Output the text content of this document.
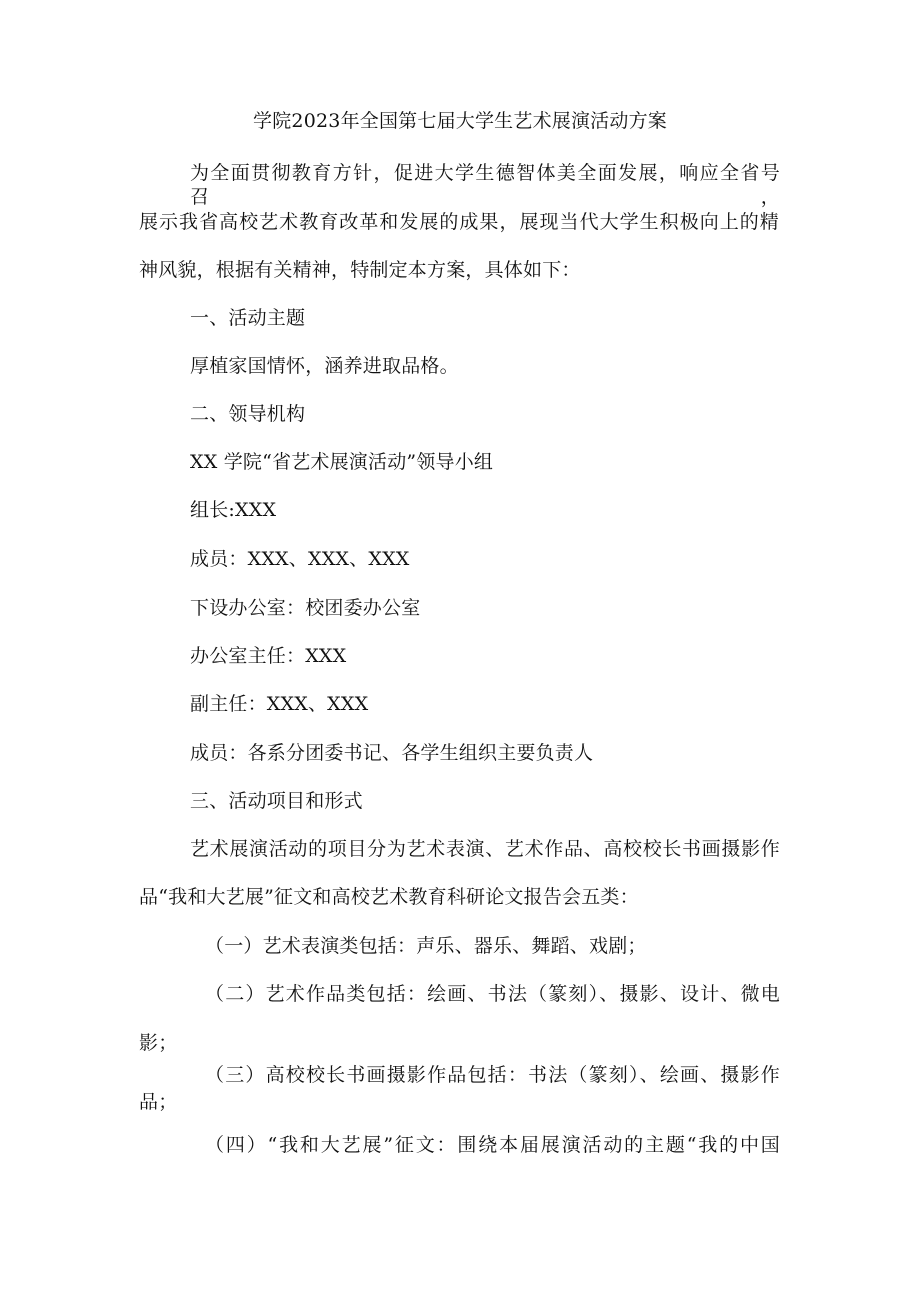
学院2023年全国第七届大学生艺术展演活动方案
为全面贯彻教育方针，促进大学生德智体美全面发展，响应全省号召，
展示我省高校艺术教育改革和发展的成果，展现当代大学生积极向上的精
神风貌，根据有关精神，特制定本方案，具体如下：
一、活动主题
厚植家国情怀，涵养进取品格。
二、领导机构
XX 学院“省艺术展演活动”领导小组
组长:XXX
成员：XXX、XXX、XXX
下设办公室：校团委办公室
办公室主任：XXX
副主任：XXX、XXX
成员：各系分团委书记、各学生组织主要负责人
三、活动项目和形式
艺术展演活动的项目分为艺术表演、艺术作品、高校校长书画摄影作
品“我和大艺展”征文和高校艺术教育科研论文报告会五类：
（一）艺术表演类包括：声乐、器乐、舞蹈、戏剧；
（二）艺术作品类包括：绘画、书法（篆刻）、摄影、设计、微电
影；
（三）高校校长书画摄影作品包括：书法（篆刻）、绘画、摄影作
品；
（四）“我和大艺展”征文：围绕本届展演活动的主题“我的中国
